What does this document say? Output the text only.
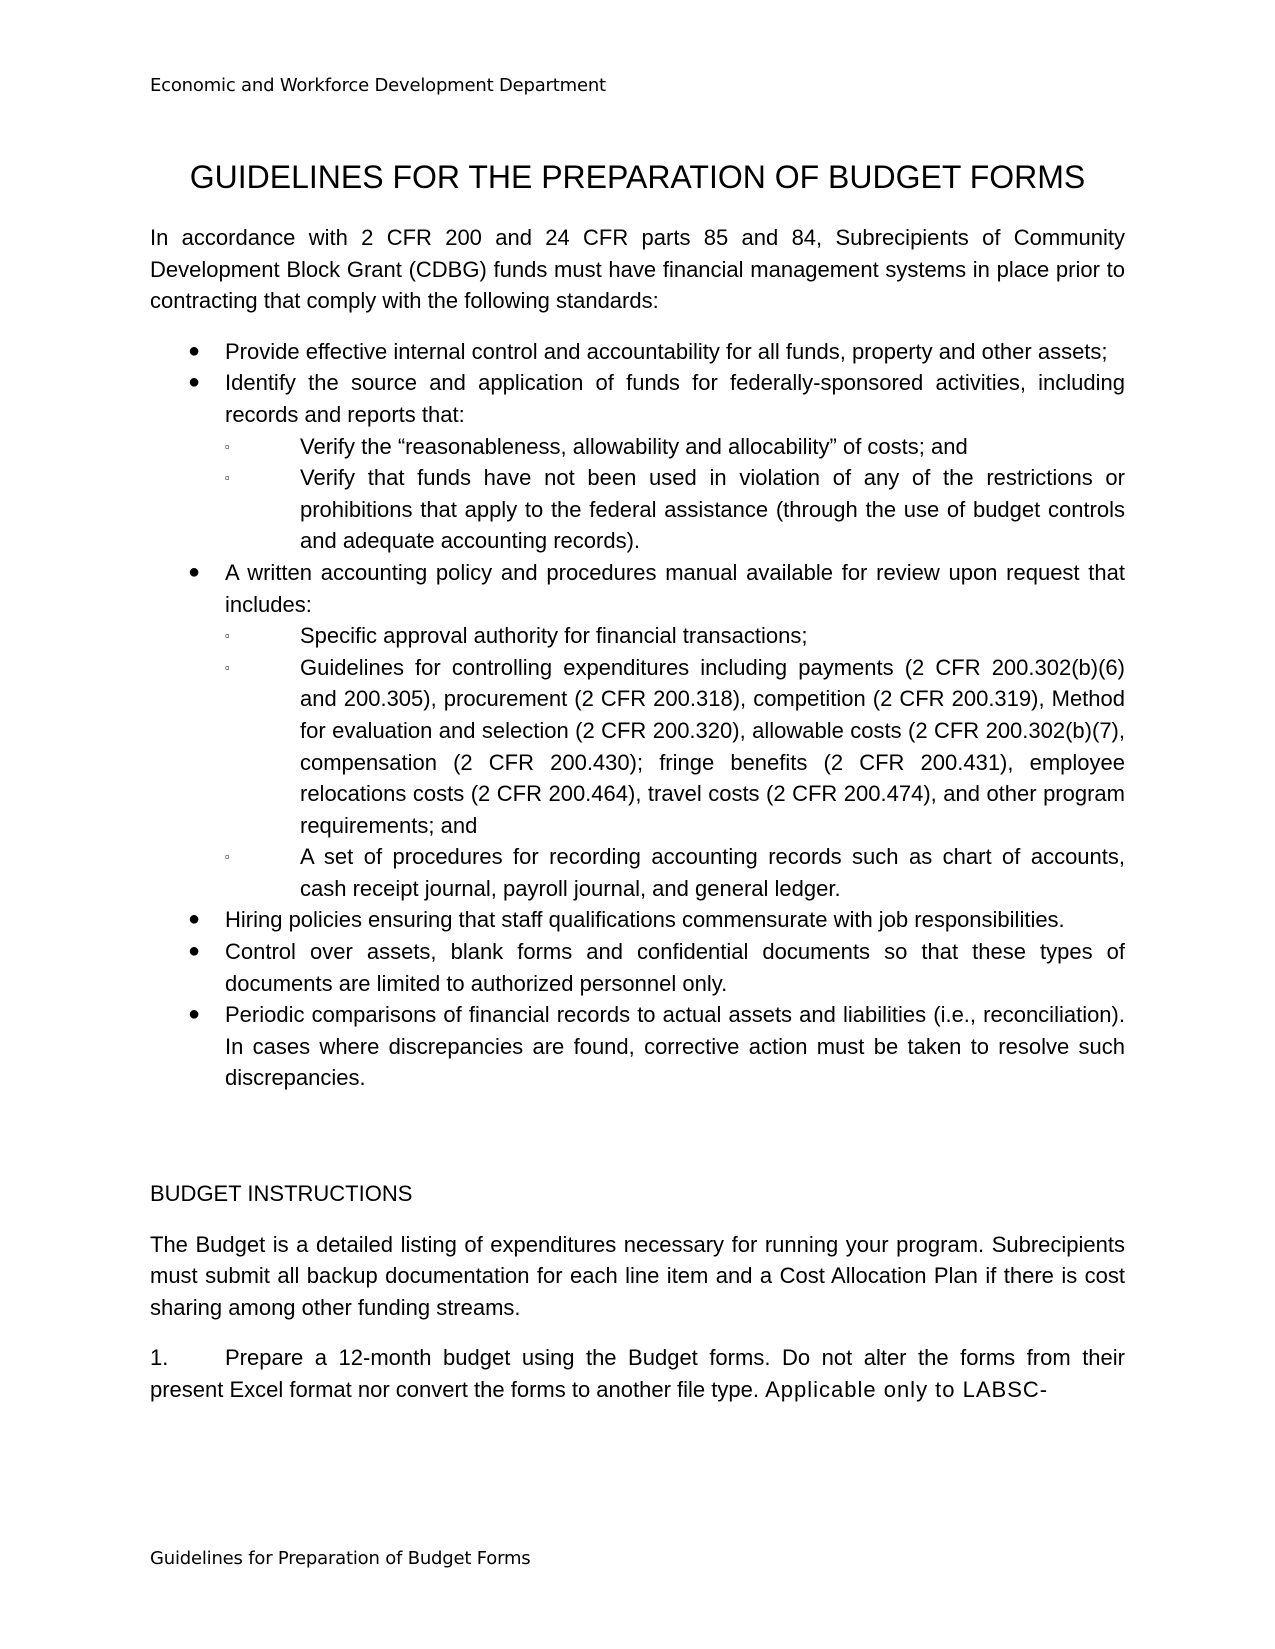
Economic and Workforce Development Department
GUIDELINES FOR THE PREPARATION OF BUDGET FORMS

In accordance with 2 CFR 200 and 24 CFR parts 85 and 84, Subrecipients of Community Development Block Grant (CDBG) funds must have financial management systems in place prior to contracting that comply with the following standards:

● Provide effective internal control and accountability for all funds, property and other assets;
● Identify the source and application of funds for federally-sponsored activities, including records and reports that:
▫	Verify the “reasonableness, allowability and allocability” of costs; and
▫	Verify that funds have not been used in violation of any of the restrictions or prohibitions that apply to the federal assistance (through the use of budget controls and adequate accounting records).
● A written accounting policy and procedures manual available for review upon request that includes:
▫	Specific approval authority for financial transactions;
▫	Guidelines for controlling expenditures including payments (2 CFR 200.302(b)(6) and 200.305), procurement (2 CFR 200.318), competition (2 CFR 200.319), Method for evaluation and selection (2 CFR 200.320), allowable costs (2 CFR 200.302(b)(7), compensation (2 CFR 200.430); fringe benefits (2 CFR 200.431), employee relocations costs (2 CFR 200.464), travel costs (2 CFR 200.474), and other program requirements; and
▫	A set of procedures for recording accounting records such as chart of accounts, cash receipt journal, payroll journal, and general ledger.
● Hiring policies ensuring that staff qualifications commensurate with job responsibilities.
● Control over assets, blank forms and confidential documents so that these types of documents are limited to authorized personnel only.
● Periodic comparisons of financial records to actual assets and liabilities (i.e., reconciliation). In cases where discrepancies are found, corrective action must be taken to resolve such discrepancies.
BUDGET INSTRUCTIONS

The Budget is a detailed listing of expenditures necessary for running your program. Subrecipients must submit all backup documentation for each line item and a Cost Allocation Plan if there is cost sharing among other funding streams.

1.	Prepare a 12-month budget using the Budget forms. Do not alter the forms from their present Excel format nor convert the forms to another file type. Applicable only to LABSC-

Guidelines for Preparation of Budget Forms
